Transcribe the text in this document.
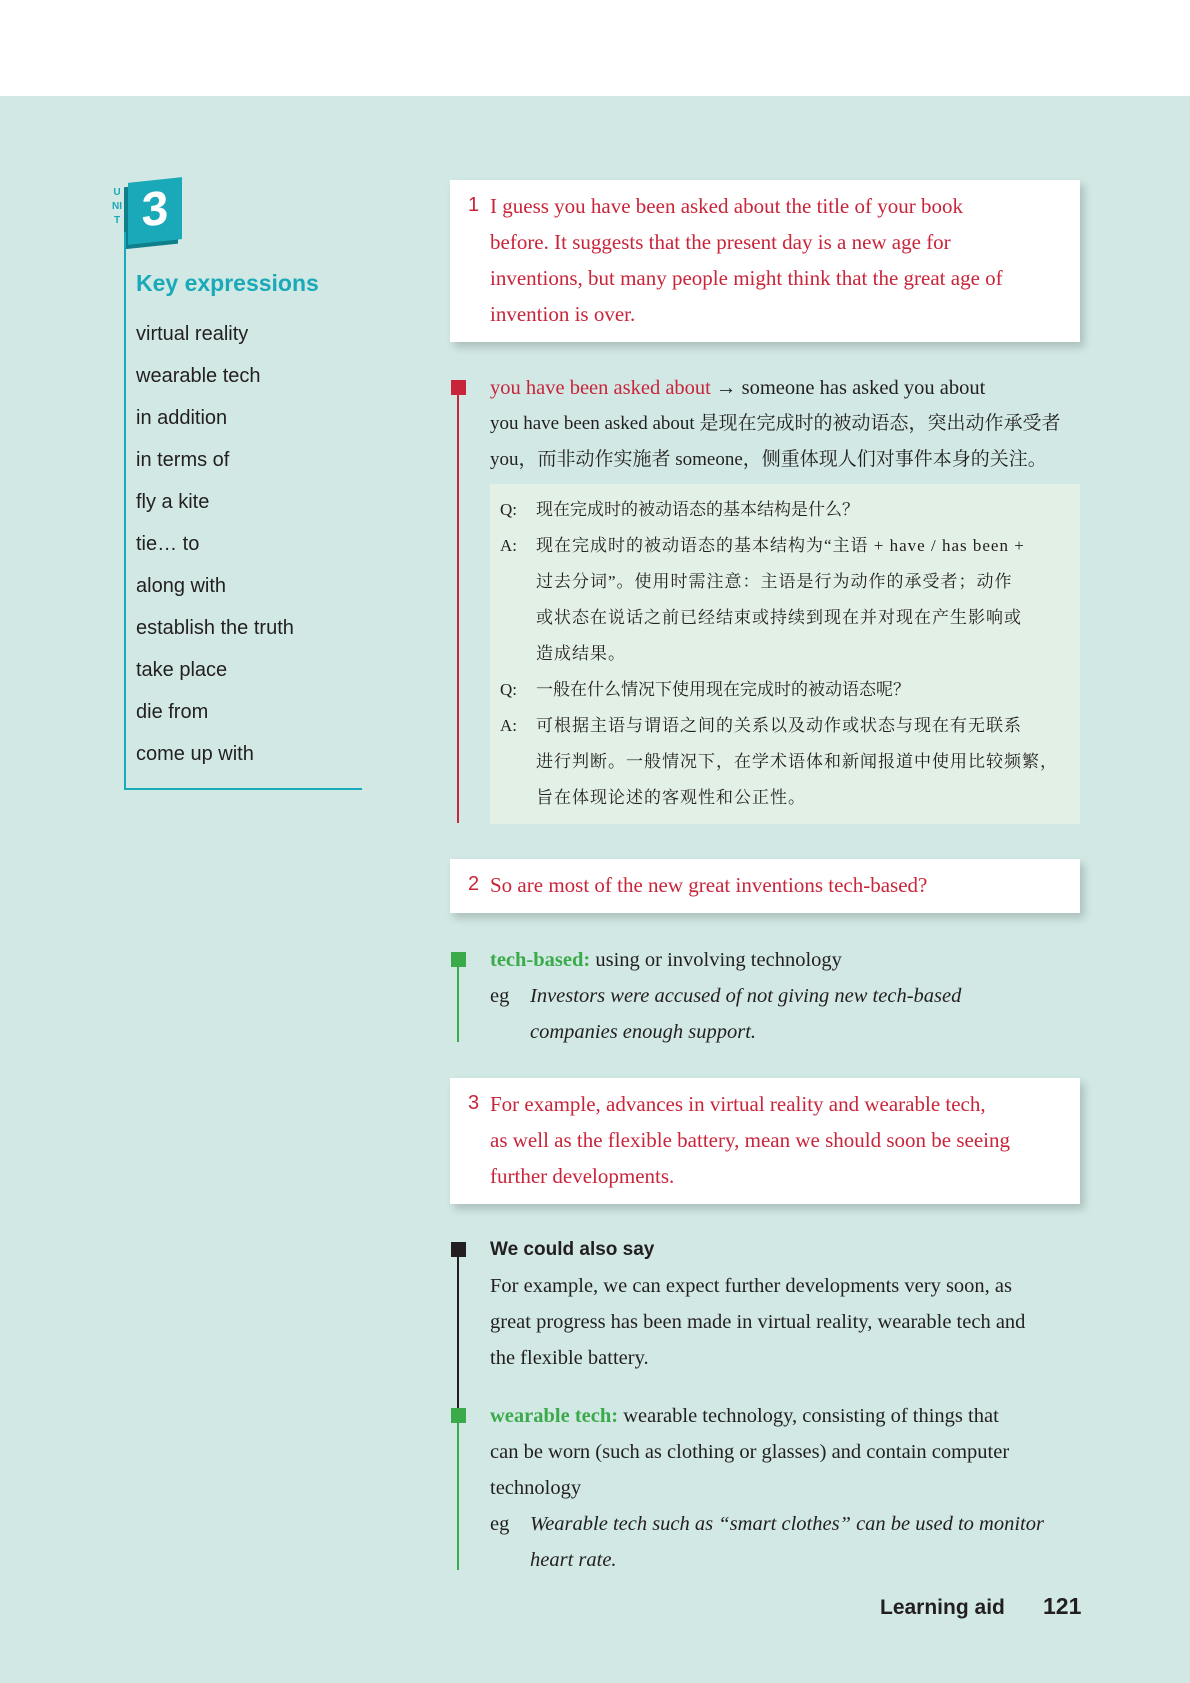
UNIT 3
Key expressions
virtual reality
wearable tech
in addition
in terms of
fly a kite
tie… to
along with
establish the truth
take place
die from
come up with
1 I guess you have been asked about the title of your book
before. It suggests that the present day is a new age for
inventions, but many people might think that the great age of
invention is over.
you have been asked about → someone has asked you about
you have been asked about 是现在完成时的被动语态，突出动作承受者
you，而非动作实施者 someone，侧重体现人们对事件本身的关注。
Q: 现在完成时的被动语态的基本结构是什么？
A:	现在完成时的被动语态的基本结构为“主语 + have / has been +
过去分词”。使用时需注意：主语是行为动作的承受者；动作
或状态在说话之前已经结束或持续到现在并对现在产生影响或
造成结果。
Q: 一般在什么情况下使用现在完成时的被动语态呢？
A:	可根据主语与谓语之间的关系以及动作或状态与现在有无联系
进行判断。一般情况下，在学术语体和新闻报道中使用比较频繁，
旨在体现论述的客观性和公正性。
2 So are most of the new great inventions tech-based?
tech-based: using or involving technology
eg Investors were accused of not giving new tech-based
companies enough support.
3 For example, advances in virtual reality and wearable tech,
as well as the flexible battery, mean we should soon be seeing
further developments.
We could also say
For example, we can expect further developments very soon, as
great progress has been made in virtual reality, wearable tech and
the flexible battery.
wearable tech: wearable technology, consisting of things that
can be worn (such as clothing or glasses) and contain computer
technology
eg Wearable tech such as “smart clothes” can be used to monitor
heart rate.
Learning aid 121
